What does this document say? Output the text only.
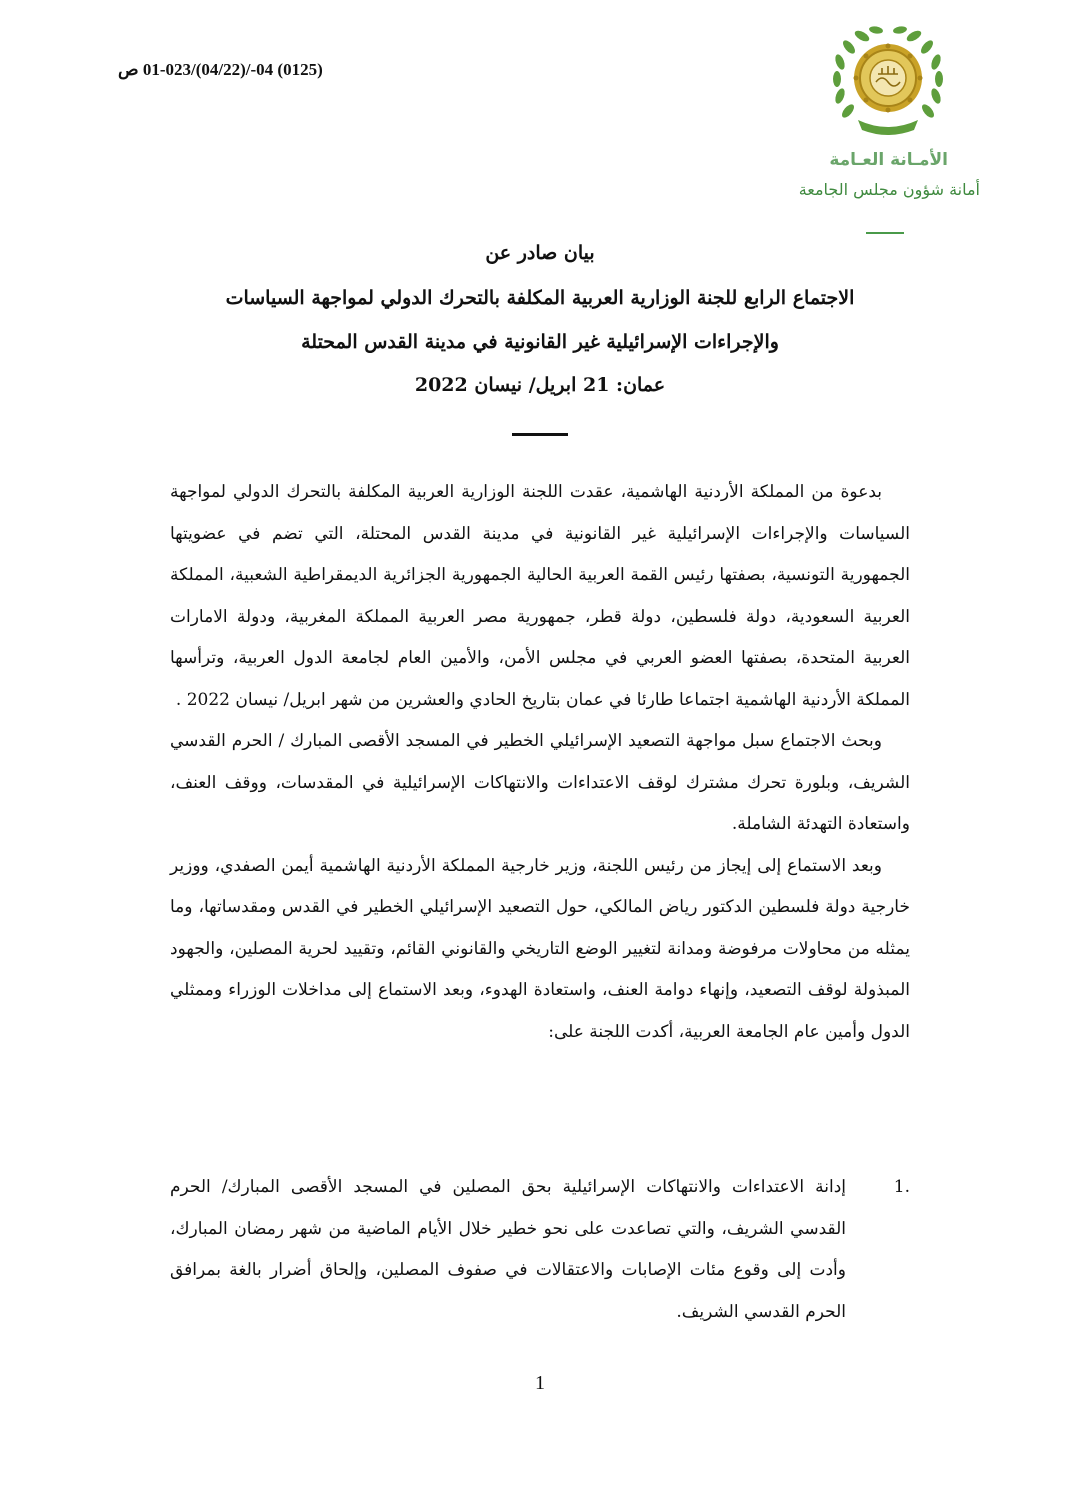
(0125) 04-/(04/22)/01-023 ص
الأمـانة العـامة
أمانة شؤون مجلس الجامعة
بيان صادر عن
الاجتماع الرابع للجنة الوزارية العربية المكلفة بالتحرك الدولي لمواجهة السياسات
والإجراءات الإسرائيلية غير القانونية في مدينة القدس المحتلة
عمان: 21 ابريل/ نيسان 2022

بدعوة من المملكة الأردنية الهاشمية، عقدت اللجنة الوزارية العربية المكلفة بالتحرك الدولي لمواجهة السياسات والإجراءات الإسرائيلية غير القانونية في مدينة القدس المحتلة، التي تضم في عضويتها الجمهورية التونسية، بصفتها رئيس القمة العربية الحالية الجمهورية الجزائرية الديمقراطية الشعبية، المملكة العربية السعودية، دولة فلسطين، دولة قطر، جمهورية مصر العربية المملكة المغربية، ودولة الامارات العربية المتحدة، بصفتها العضو العربي في مجلس الأمن، والأمين العام لجامعة الدول العربية، وترأسها المملكة الأردنية الهاشمية اجتماعا طارئا في عمان بتاريخ الحادي والعشرين من شهر ابريل/ نيسان 2022 .

وبحث الاجتماع سبل مواجهة التصعيد الإسرائيلي الخطير في المسجد الأقصى المبارك / الحرم القدسي الشريف، وبلورة تحرك مشترك لوقف الاعتداءات والانتهاكات الإسرائيلية في المقدسات، ووقف العنف، واستعادة التهدئة الشاملة.

وبعد الاستماع إلى إيجاز من رئيس اللجنة، وزير خارجية المملكة الأردنية الهاشمية أيمن الصفدي، ووزير خارجية دولة فلسطين الدكتور رياض المالكي، حول التصعيد الإسرائيلي الخطير في القدس ومقدساتها، وما يمثله من محاولات مرفوضة ومدانة لتغيير الوضع التاريخي والقانوني القائم، وتقييد لحرية المصلين، والجهود المبذولة لوقف التصعيد، وإنهاء دوامة العنف، واستعادة الهدوء، وبعد الاستماع إلى مداخلات الوزراء وممثلي الدول وأمين عام الجامعة العربية، أكدت اللجنة على:

1.
إدانة الاعتداءات والانتهاكات الإسرائيلية بحق المصلين في المسجد الأقصى المبارك/ الحرم القدسي الشريف، والتي تصاعدت على نحو خطير خلال الأيام الماضية من شهر رمضان المبارك، وأدت إلى وقوع مئات الإصابات والاعتقالات في صفوف المصلين، وإلحاق أضرار بالغة بمرافق الحرم القدسي الشريف.
1
